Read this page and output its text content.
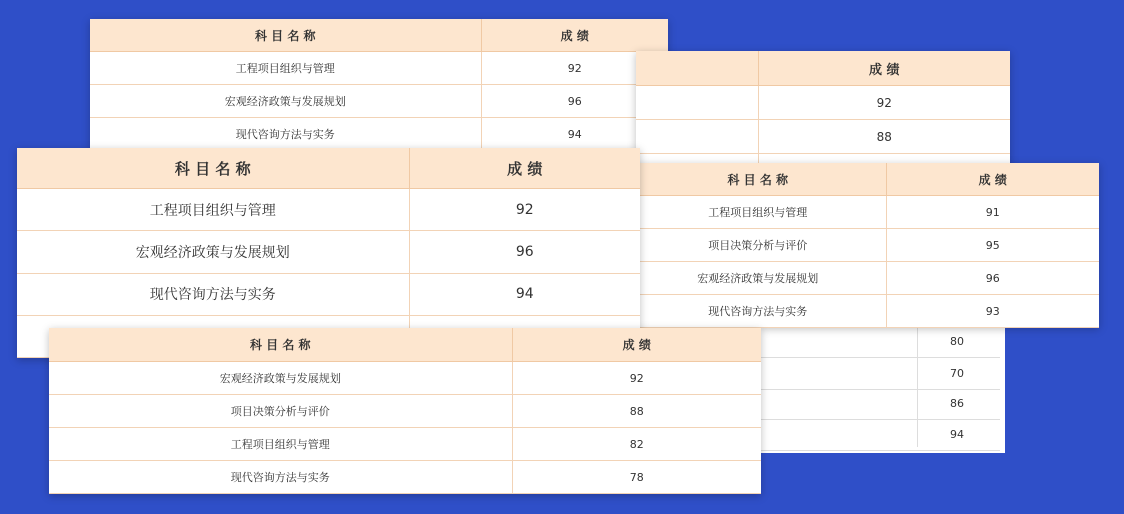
科 目 名 称	成 绩
工程项目组织与管理	92
宏观经济政策与发展规划	96
现代咨询方法与实务	94
	成 绩
	92
	88

80
70
86
94
科 目 名 称	成 绩
工程项目组织与管理	91
项目决策分析与评价	95
宏观经济政策与发展规划	96
现代咨询方法与实务	93
科 目 名 称	成 绩
工程项目组织与管理	92
宏观经济政策与发展规划	96
现代咨询方法与实务	94

科 目 名 称	成 绩
宏观经济政策与发展规划	92
项目决策分析与评价	88
工程项目组织与管理	82
现代咨询方法与实务	78
